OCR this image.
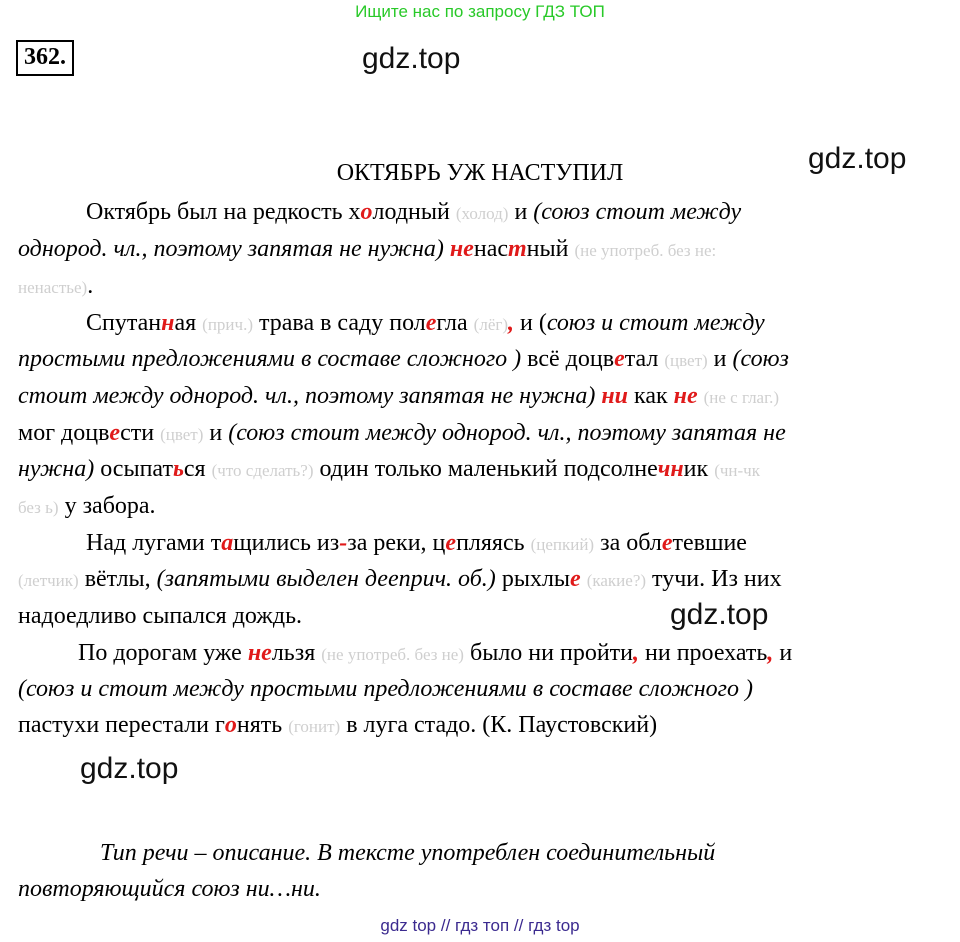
Ищите нас по запросу ГДЗ ТОП
362.	gdz.top
gdz.top
gdz.top
gdz.top
ОКТЯБРЬ УЖ НАСТУПИЛ
Октябрь был на редкость холодный (холод) и (союз стоит между
однород. чл., поэтому запятая не нужна) ненастный (не употреб. без не:
ненастье).
Спутанная (прич.) трава в саду полегла (лёг), и (союз и стоит между
простыми предложениями в составе сложного ) всё доцветал (цвет) и (союз
стоит между однород. чл., поэтому запятая не нужна) ни как не (не с глаг.)
мог доцвести (цвет) и (союз стоит между однород. чл., поэтому запятая не
нужна) осыпаться (что сделать?) один только маленький подсолнечник (чн-чк
без ь) у забора.
Над лугами тащились из-за реки, цепляясь (цепкий) за облетевшие
(летчик) вётлы, (запятыми выделен дееприч. об.) рыхлые (какие?) тучи. Из них
надоедливо сыпался дождь.
По дорогам уже нельзя (не употреб. без не) было ни пройти, ни проехать, и
(союз и стоит между простыми предложениями в составе сложного )
пастухи перестали гонять (гонит) в луга стадо. (К. Паустовский)
Тип речи – описание. В тексте употреблен соединительный
повторяющийся союз ни…ни.
gdz top // гдз топ // гдз top
